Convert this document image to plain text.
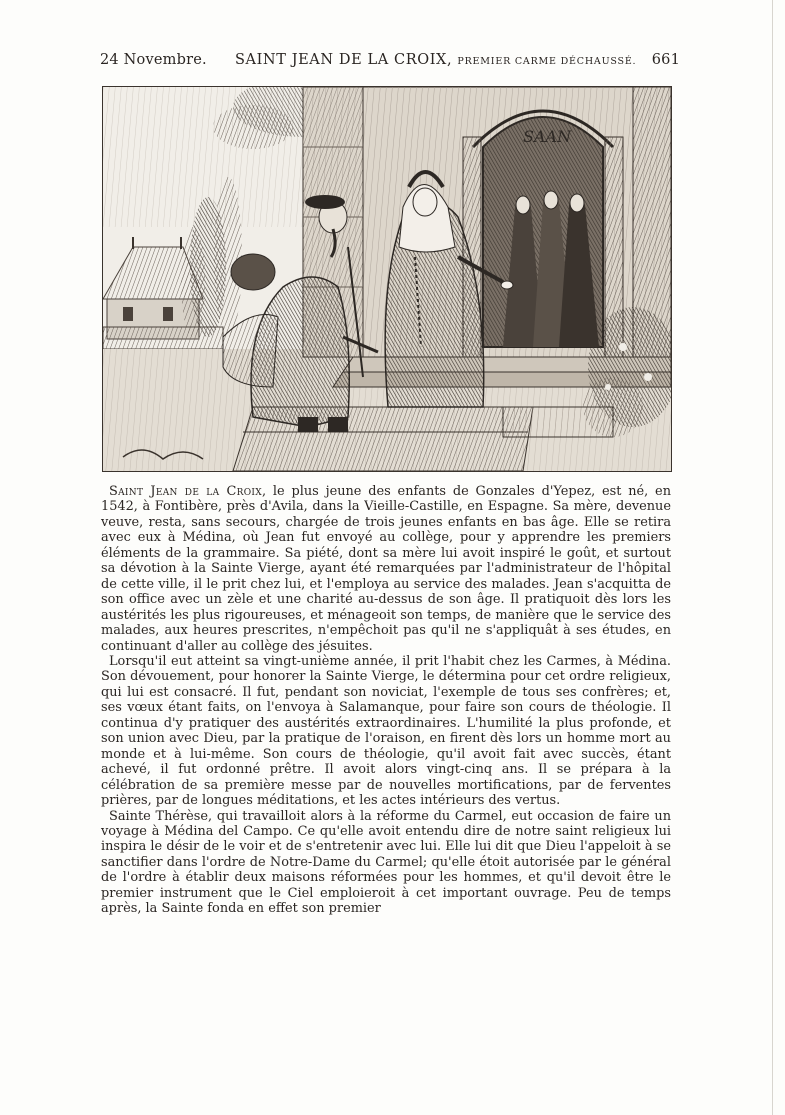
24 Novembre. SAINT JEAN DE LA CROIX, PREMIER CARME DÉCHAUSSÉ. 661
SAAN

Saint Jean de la Croix, le plus jeune des enfants de Gonzales d'Yepez, est né, en 1542, à Fontibère, près d'Avila, dans la Vieille-Castille, en Espagne. Sa mère, devenue veuve, resta, sans secours, chargée de trois jeunes enfants en bas âge. Elle se retira avec eux à Médina, où Jean fut envoyé au collège, pour y apprendre les premiers éléments de la grammaire. Sa piété, dont sa mère lui avoit inspiré le goût, et surtout sa dévotion à la Sainte Vierge, ayant été remarquées par l'administrateur de l'hôpital de cette ville, il le prit chez lui, et l'employa au service des malades. Jean s'acquitta de son office avec un zèle et une charité au-dessus de son âge. Il pratiquoit dès lors les austérités les plus rigoureuses, et ménageoit son temps, de manière que le service des malades, aux heures prescrites, n'empêchoit pas qu'il ne s'appliquât à ses études, en continuant d'aller au collège des jésuites.

Lorsqu'il eut atteint sa vingt-unième année, il prit l'habit chez les Carmes, à Médina. Son dévouement, pour honorer la Sainte Vierge, le détermina pour cet ordre religieux, qui lui est consacré. Il fut, pendant son noviciat, l'exemple de tous ses confrères; et, ses vœux étant faits, on l'envoya à Salamanque, pour faire son cours de théologie. Il continua d'y pratiquer des austérités extraordinaires. L'humilité la plus profonde, et son union avec Dieu, par la pratique de l'oraison, en firent dès lors un homme mort au monde et à lui-même. Son cours de théologie, qu'il avoit fait avec succès, étant achevé, il fut ordonné prêtre. Il avoit alors vingt-cinq ans. Il se prépara à la célébration de sa première messe par de nouvelles mortifications, par de ferventes prières, par de longues méditations, et les actes intérieurs des vertus.

Sainte Thérèse, qui travailloit alors à la réforme du Carmel, eut occasion de faire un voyage à Médina del Campo. Ce qu'elle avoit entendu dire de notre saint religieux lui inspira le désir de le voir et de s'entretenir avec lui. Elle lui dit que Dieu l'appeloit à se sanctifier dans l'ordre de Notre-Dame du Carmel; qu'elle étoit autorisée par le général de l'ordre à établir deux maisons réformées pour les hommes, et qu'il devoit être le premier instrument que le Ciel emploieroit à cet important ouvrage. Peu de temps après, la Sainte fonda en effet son premier
